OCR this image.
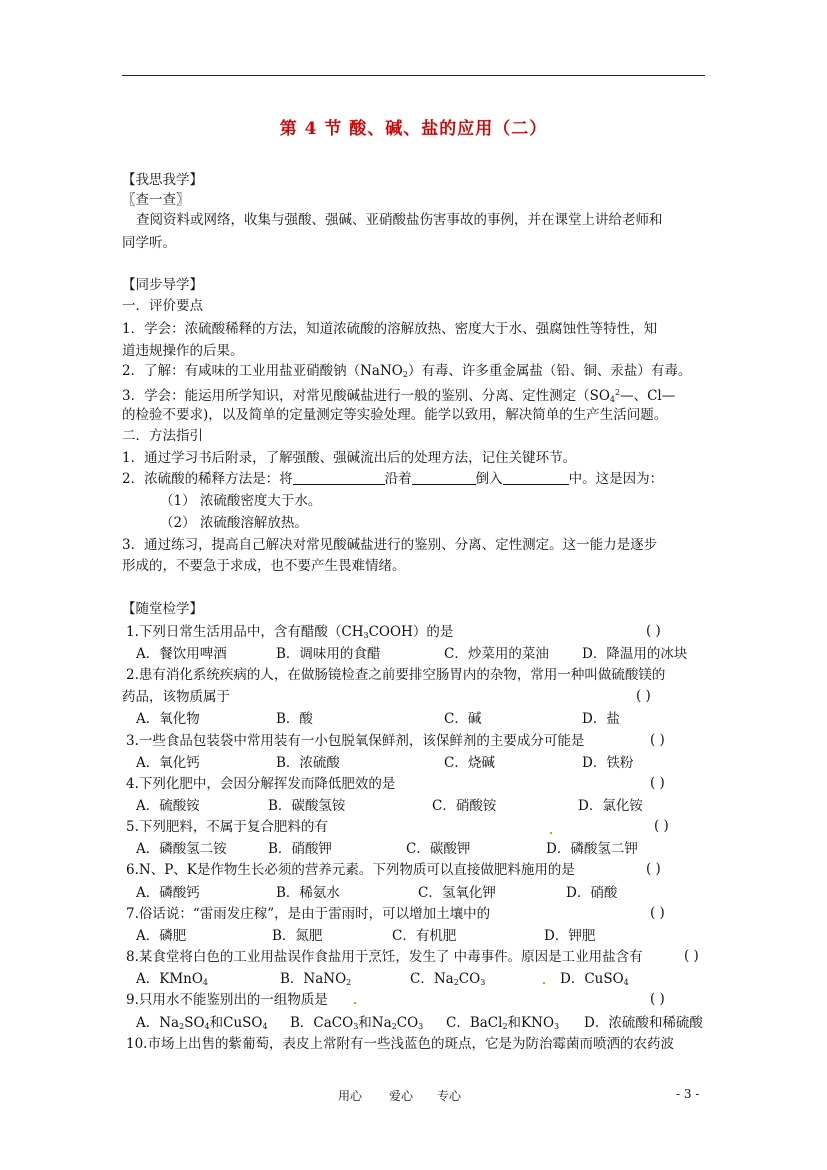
第 4 节 酸、碱、盐的应用（二）
【我思我学】
〖查一查〗
查阅资料或网络，收集与强酸、强碱、亚硝酸盐伤害事故的事例，并在课堂上讲给老师和
同学听。
【同步导学】
一．评价要点
1．学会：浓硫酸稀释的方法，知道浓硫酸的溶解放热、密度大于水、强腐蚀性等特性，知
道违规操作的后果。
2．了解：有咸味的工业用盐亚硝酸钠（NaNO$_2$）有毒、许多重金属盐（铅、铜、汞盐）有毒。
3．学会：能运用所学知识，对常见酸碱盐进行一般的鉴别、分离、定性测定（$SO_4^2—$、Cl—
的检验不要求)，以及简单的定量测定等实验处理。能学以致用，解决简单的生产生活问题。
二．方法指引
1．通过学习书后附录，了解强酸、强碱流出后的处理方法，记住关键环节。
2．浓硫酸的稀释方法是：将	沿着	倒入	中。这是因为：
（1） 浓硫酸密度大于水。
（2） 浓硫酸溶解放热。
3．通过练习，提高自己解决对常见酸碱盐进行的鉴别、分离、定性测定。这一能力是逐步
形成的，不要急于求成，也不要产生畏难情绪。
【随堂检学】
1.下列日常生活用品中，含有醋酸$(CH_3COOH)$的是	( )
A．餐饮用啤酒	B．调味用的食醋	C．炒菜用的菜油 D．降温用的冰块
2.患有消化系统疾病的人，在做肠镜检查之前要排空肠胃内的杂物，常用一种叫做硫酸镁的
药品，该物质属于	( )
A．氧化物	B．酸	C．碱	D．盐
3.一些食品包装袋中常用装有一小包脱氧保鲜剂，该保鲜剂的主要成分可能是	( )
A．氧化钙	B．浓硫酸	C．烧碱	D．铁粉
4.下列化肥中，会因分解挥发而降低肥效的是	( )
A．硫酸铵	B．碳酸氢铵	C．硝酸铵	D．氯化铵
5.下列肥料，不属于复合肥料的有	( )
A．磷酸氢二铵	B．硝酸钾	C．碳酸钾	D．磷酸氢二钾
6.N、P、K是作物生长必须的营养元素。下列物质可以直接做肥料施用的是	( )
A．磷酸钙	B．稀氨水	C．氢氧化钾	D．硝酸
7.俗话说：“雷雨发庄稼”，是由于雷雨时，可以增加土壤中的	( )
A．磷肥	B．氮肥	C．有机肥	D．钾肥
8.某食堂将白色的工业用盐误作食盐用于烹饪，发生了 中毒事件。原因是工业用盐含有	( )
A．KMnO$_4$	B．NaNO$_2$	C．$Na_2CO_3$	D．CuSO$_4$
9.只用水不能鉴别出的一组物质是	( )
A．$Na_2SO_4$和CuSO$_4$ B．CaCO$_3$和$Na_2CO_3$ C．BaCl$_2$和$KNO_3$ D．浓硫酸和稀硫酸
10.市场上出售的紫葡萄，表皮上常附有一些浅蓝色的斑点，它是为防治霉菌而喷洒的农药波
用心 爱心 专心	- 3 -
